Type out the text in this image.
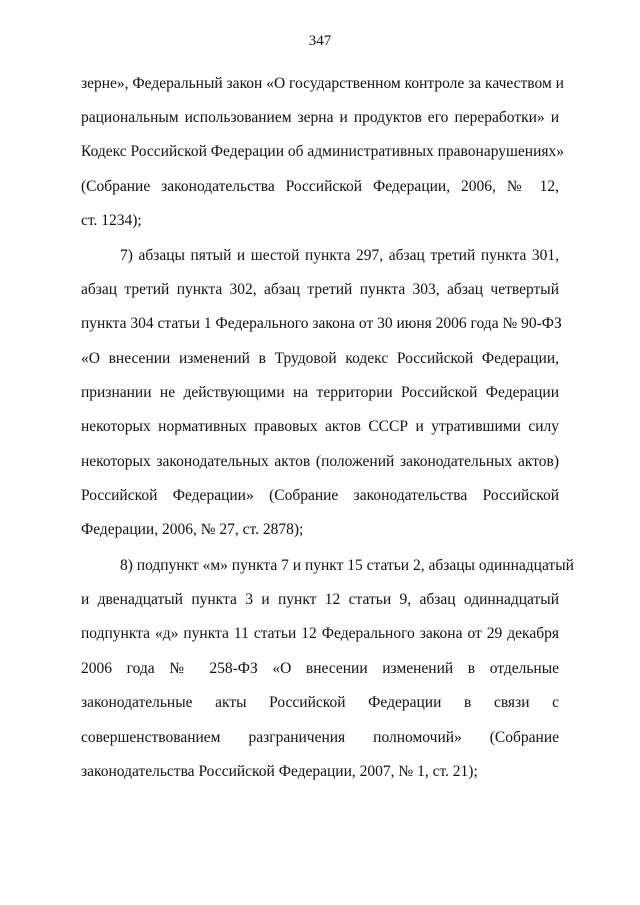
347
зерне», Федеральный закон «О государственном контроле за качеством и
рациональным использованием зерна и продуктов его переработки» и
Кодекс Российской Федерации об административных правонарушениях»
(Собрание законодательства Российской Федерации, 2006, № 12,
ст. 1234);
7) абзацы пятый и шестой пункта 297, абзац третий пункта 301,
абзац третий пункта 302, абзац третий пункта 303, абзац четвертый
пункта 304 статьи 1 Федерального закона от 30 июня 2006 года № 90-ФЗ
«О внесении изменений в Трудовой кодекс Российской Федерации,
признании не действующими на территории Российской Федерации
некоторых нормативных правовых актов СССР и утратившими силу
некоторых законодательных актов (положений законодательных актов)
Российской Федерации» (Собрание законодательства Российской
Федерации, 2006, № 27, ст. 2878);
8) подпункт «м» пункта 7 и пункт 15 статьи 2, абзацы одиннадцатый
и двенадцатый пункта 3 и пункт 12 статьи 9, абзац одиннадцатый
подпункта «д» пункта 11 статьи 12 Федерального закона от 29 декабря
2006 года № 258-ФЗ «О внесении изменений в отдельные
законодательные акты Российской Федерации в связи с
совершенствованием разграничения полномочий» (Собрание
законодательства Российской Федерации, 2007, № 1, ст. 21);
